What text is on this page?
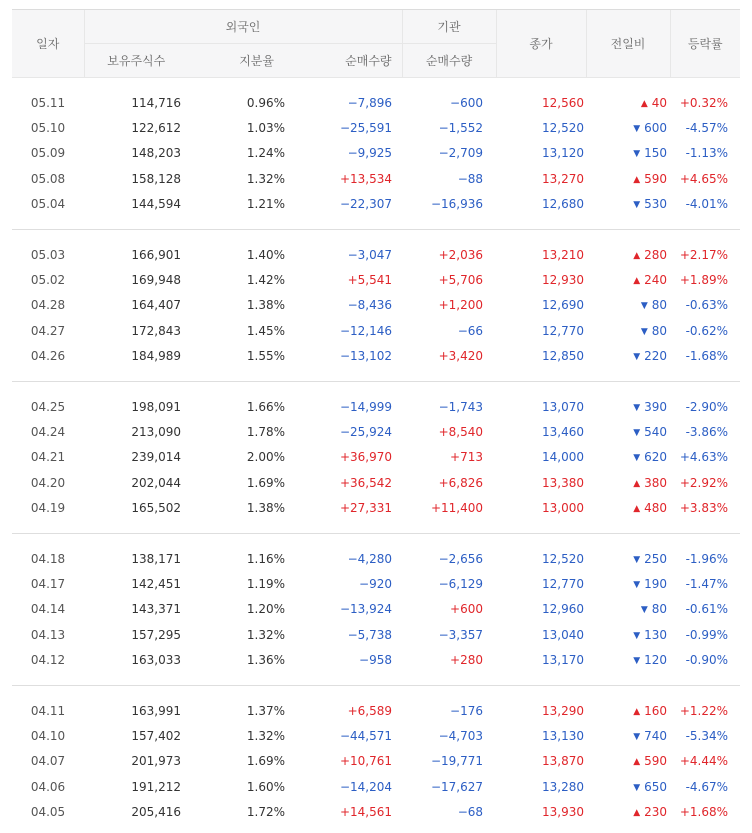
일자	외국인			기관	종가	전일비	등락률
	보유주식수	지분율	순매수량	순매수량			

05.11	114,716	0.96%	−7,896	−600	12,560	▲ 40	+0.32%
05.10	122,612	1.03%	−25,591	−1,552	12,520	▼ 600	-4.57%
05.09	148,203	1.24%	−9,925	−2,709	13,120	▼ 150	-1.13%
05.08	158,128	1.32%	+13,534	−88	13,270	▲ 590	+4.65%
05.04	144,594	1.21%	−22,307	−16,936	12,680	▼ 530	-4.01%

05.03	166,901	1.40%	−3,047	+2,036	13,210	▲ 280	+2.17%
05.02	169,948	1.42%	+5,541	+5,706	12,930	▲ 240	+1.89%
04.28	164,407	1.38%	−8,436	+1,200	12,690	▼ 80	-0.63%
04.27	172,843	1.45%	−12,146	−66	12,770	▼ 80	-0.62%
04.26	184,989	1.55%	−13,102	+3,420	12,850	▼ 220	-1.68%

04.25	198,091	1.66%	−14,999	−1,743	13,070	▼ 390	-2.90%
04.24	213,090	1.78%	−25,924	+8,540	13,460	▼ 540	-3.86%
04.21	239,014	2.00%	+36,970	+713	14,000	▼ 620	+4.63%
04.20	202,044	1.69%	+36,542	+6,826	13,380	▲ 380	+2.92%
04.19	165,502	1.38%	+27,331	+11,400	13,000	▲ 480	+3.83%

04.18	138,171	1.16%	−4,280	−2,656	12,520	▼ 250	-1.96%
04.17	142,451	1.19%	−920	−6,129	12,770	▼ 190	-1.47%
04.14	143,371	1.20%	−13,924	+600	12,960	▼ 80	-0.61%
04.13	157,295	1.32%	−5,738	−3,357	13,040	▼ 130	-0.99%
04.12	163,033	1.36%	−958	+280	13,170	▼ 120	-0.90%

04.11	163,991	1.37%	+6,589	−176	13,290	▲ 160	+1.22%
04.10	157,402	1.32%	−44,571	−4,703	13,130	▼ 740	-5.34%
04.07	201,973	1.69%	+10,761	−19,771	13,870	▲ 590	+4.44%
04.06	191,212	1.60%	−14,204	−17,627	13,280	▼ 650	-4.67%
04.05	205,416	1.72%	+14,561	−68	13,930	▲ 230	+1.68%
